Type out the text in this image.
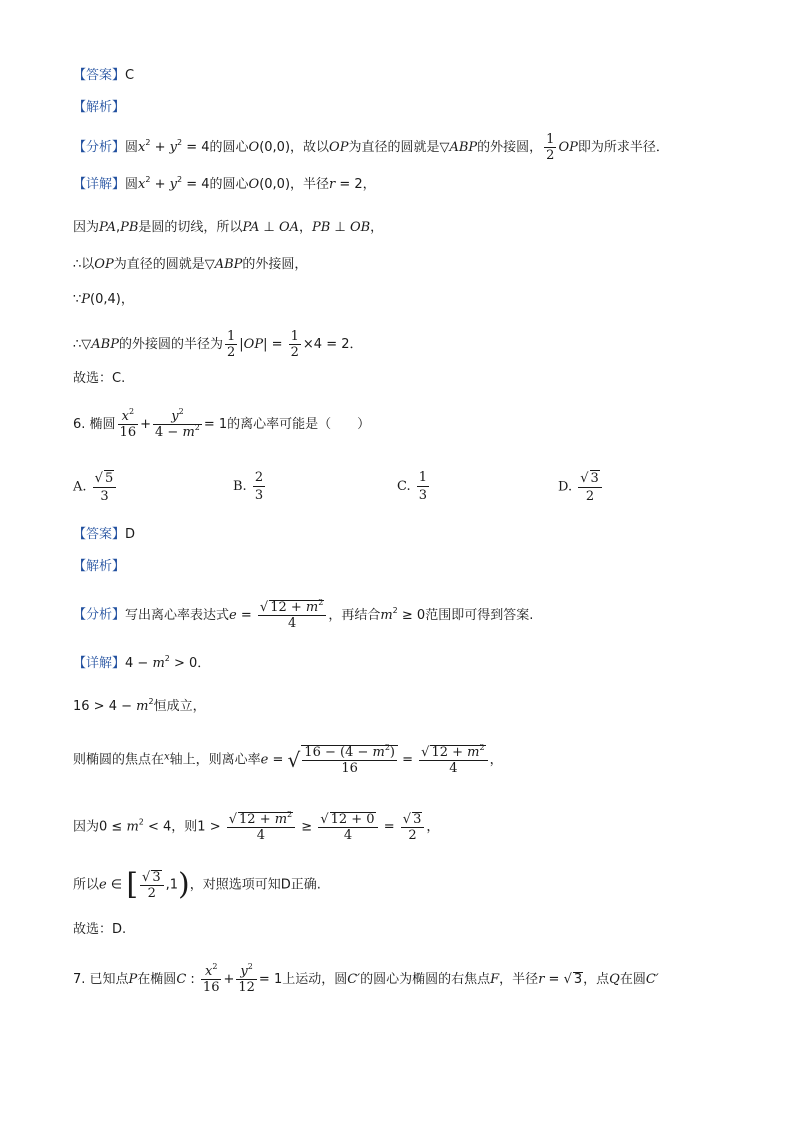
【答案】C
【解析】
【分析】圆$x^2 + y^2 = 4$的圆心O(0,0)，故以OP为直径的圆就是▽ABP的外接圆， $\frac{1}{2}$ OP即为所求半径．
【详解】圆$x^2 + y^2 = 4$的圆心O(0,0)，半径r = 2，
因为PA,PB是圆的切线，所以PA ⊥ OA，PB ⊥ OB，
∴以OP为直径的圆就是▽ABP的外接圆，
∵P(0,4)，
∴▽ABP的外接圆的半径为 $\frac{1}{2} |OP| = \frac{1}{2} \times 4 = 2$．
故选：C.
6. 椭圆 $\frac{x^2}{16} + \frac{y^2}{4 - m^2} = 1$的离心率可能是（　　）
A. $\frac{√ 5}{3}$	B. $\frac{2}{3}$	C. $\frac{1}{3}$	D. $\frac{√ 3}{2}$
【答案】D
【解析】
【分析】写出离心率表达式$e = \frac{√ 12 + m^2}{4}$ ，再结合$m^2 \ge 0$范围即可得到答案.
【详解】$4 - m^2 > 0$．
$16 > 4 - m^2$恒成立，
则椭圆的焦点在$^x$轴上，则离心率e = √ $\frac{16 - (4 - m^2)}{16} = \frac{√ 12 + m^2}{4}$ ，
因为$0 \le m^2 < 4$，则$1 > \frac{√ 12 + m^2}{4} \ge \frac{√ 12 + 0}{4} = \frac{√ 3}{2}$ ，
所以e ∈ [ $\frac{√ 3}{2} ,1$)，对照选项可知D正确.
故选：D.
7. 已知点P在椭圆C : $\frac{x^2}{16} + \frac{y^2}{12} = 1$上运动，圆C′的圆心为椭圆的右焦点F，半径r = √ 3，点Q在圆C′
